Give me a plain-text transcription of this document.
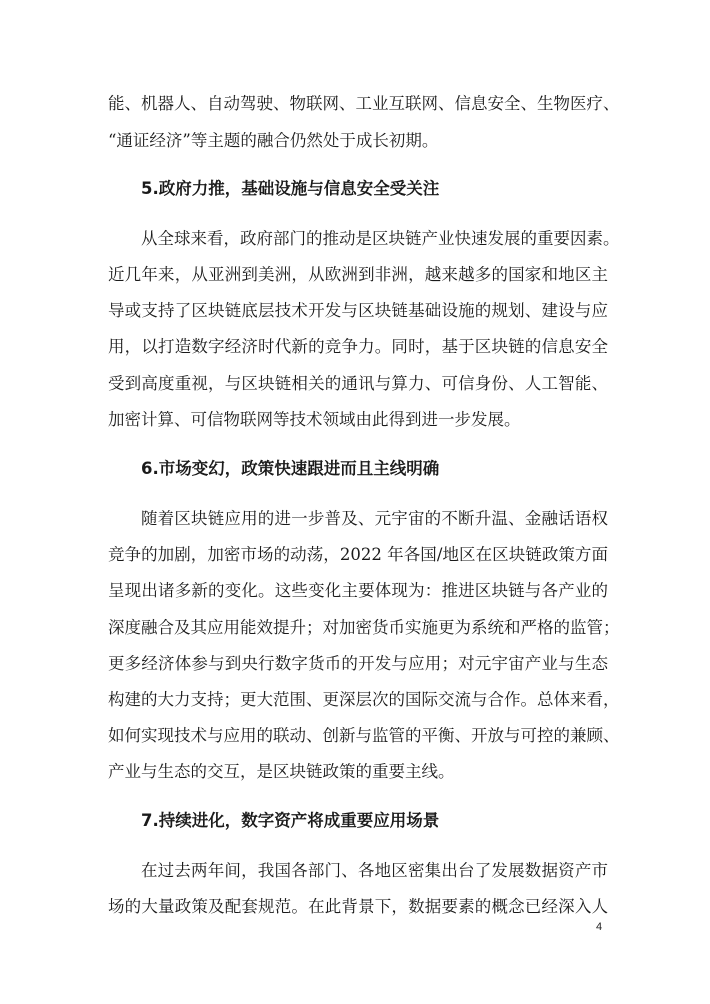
能、机器人、自动驾驶、物联网、工业互联网、信息安全、生物医疗、
“通证经济”等主题的融合仍然处于成长初期。
5.政府力推，基础设施与信息安全受关注
从全球来看，政府部门的推动是区块链产业快速发展的重要因素。
近几年来，从亚洲到美洲，从欧洲到非洲，越来越多的国家和地区主
导或支持了区块链底层技术开发与区块链基础设施的规划、建设与应
用，以打造数字经济时代新的竞争力。同时，基于区块链的信息安全
受到高度重视，与区块链相关的通讯与算力、可信身份、人工智能、
加密计算、可信物联网等技术领域由此得到进一步发展。
6.市场变幻，政策快速跟进而且主线明确
随着区块链应用的进一步普及、元宇宙的不断升温、金融话语权
竞争的加剧，加密市场的动荡，2022 年各国/地区在区块链政策方面
呈现出诸多新的变化。这些变化主要体现为：推进区块链与各产业的
深度融合及其应用能效提升；对加密货币实施更为系统和严格的监管；
更多经济体参与到央行数字货币的开发与应用；对元宇宙产业与生态
构建的大力支持；更大范围、更深层次的国际交流与合作。总体来看，
如何实现技术与应用的联动、创新与监管的平衡、开放与可控的兼顾、
产业与生态的交互，是区块链政策的重要主线。
7.持续进化，数字资产将成重要应用场景
在过去两年间，我国各部门、各地区密集出台了发展数据资产市
场的大量政策及配套规范。在此背景下，数据要素的概念已经深入人
4
